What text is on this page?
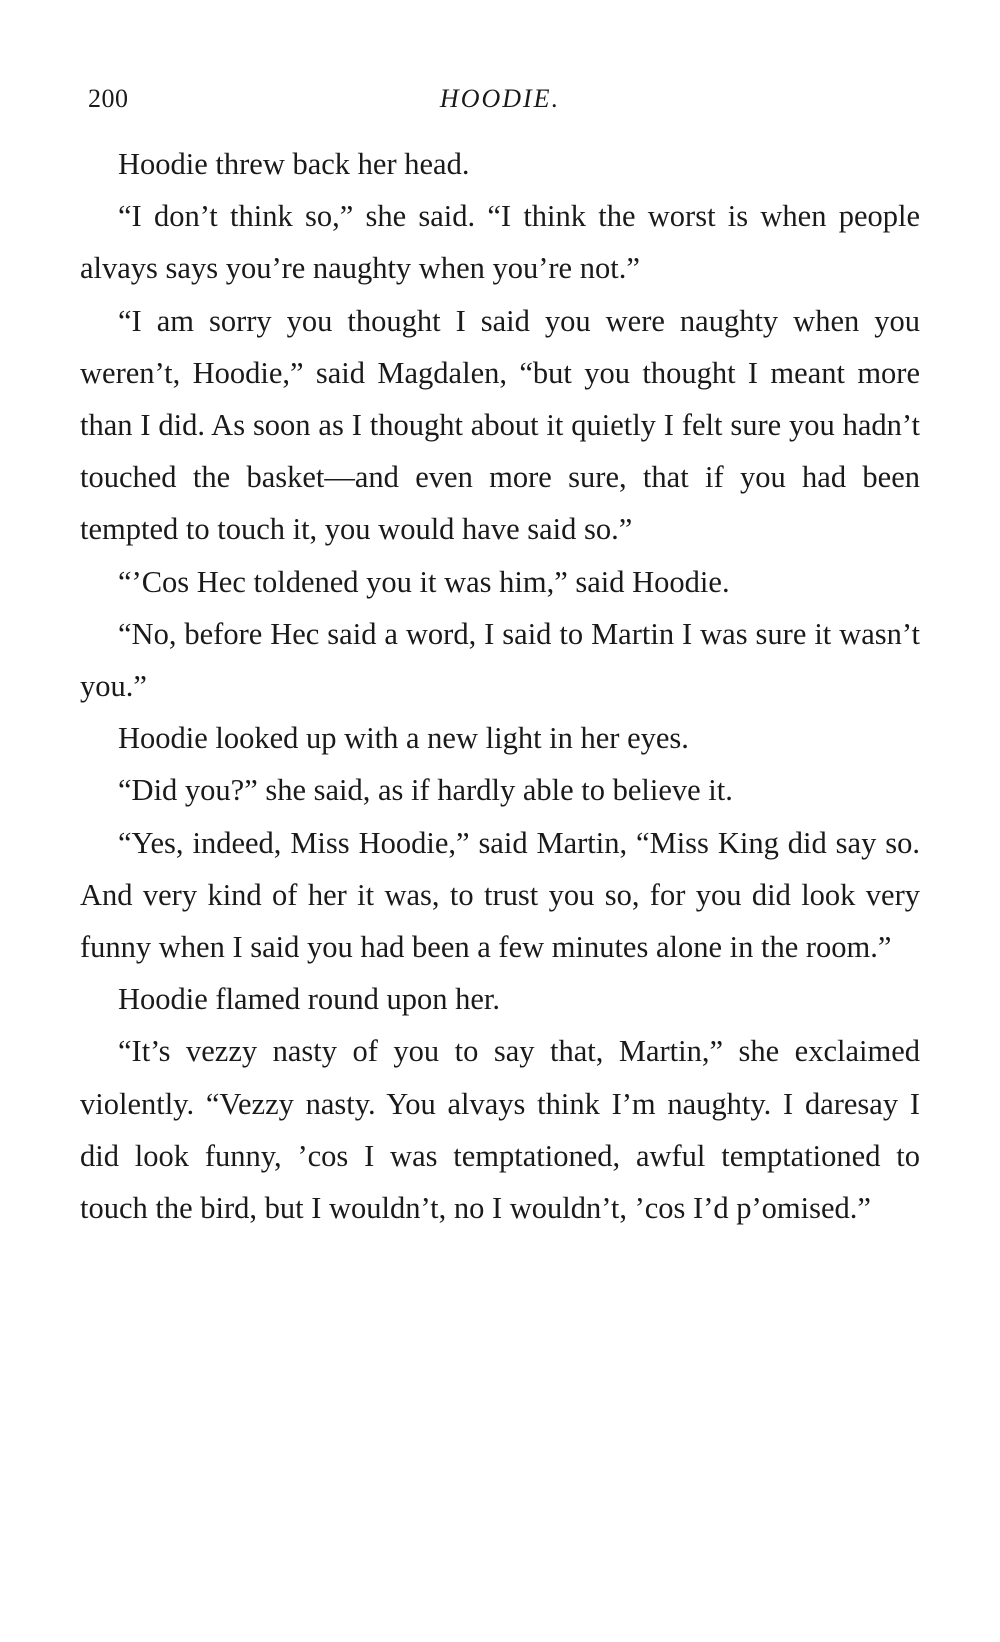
200	HOODIE.

Hoodie threw back her head.

“I don’t think so,” she said. “I think the worst is when people alvays says you’re naughty when you’re not.”

“I am sorry you thought I said you were naughty when you weren’t, Hoodie,” said Magdalen, “but you thought I meant more than I did. As soon as I thought about it quietly I felt sure you hadn’t touched the basket—and even more sure, that if you had been tempted to touch it, you would have said so.”

“’Cos Hec toldened you it was him,” said Hoodie.

“No, before Hec said a word, I said to Martin I was sure it wasn’t you.”

Hoodie looked up with a new light in her eyes.

“Did you?” she said, as if hardly able to believe it.

“Yes, indeed, Miss Hoodie,” said Martin, “Miss King did say so. And very kind of her it was, to trust you so, for you did look very funny when I said you had been a few minutes alone in the room.”

Hoodie flamed round upon her.

“It’s vezzy nasty of you to say that, Martin,” she exclaimed violently. “Vezzy nasty. You alvays think I’m naughty. I daresay I did look funny, ’cos I was temptationed, awful temptationed to touch the bird, but I wouldn’t, no I wouldn’t, ’cos I’d p’omised.”
